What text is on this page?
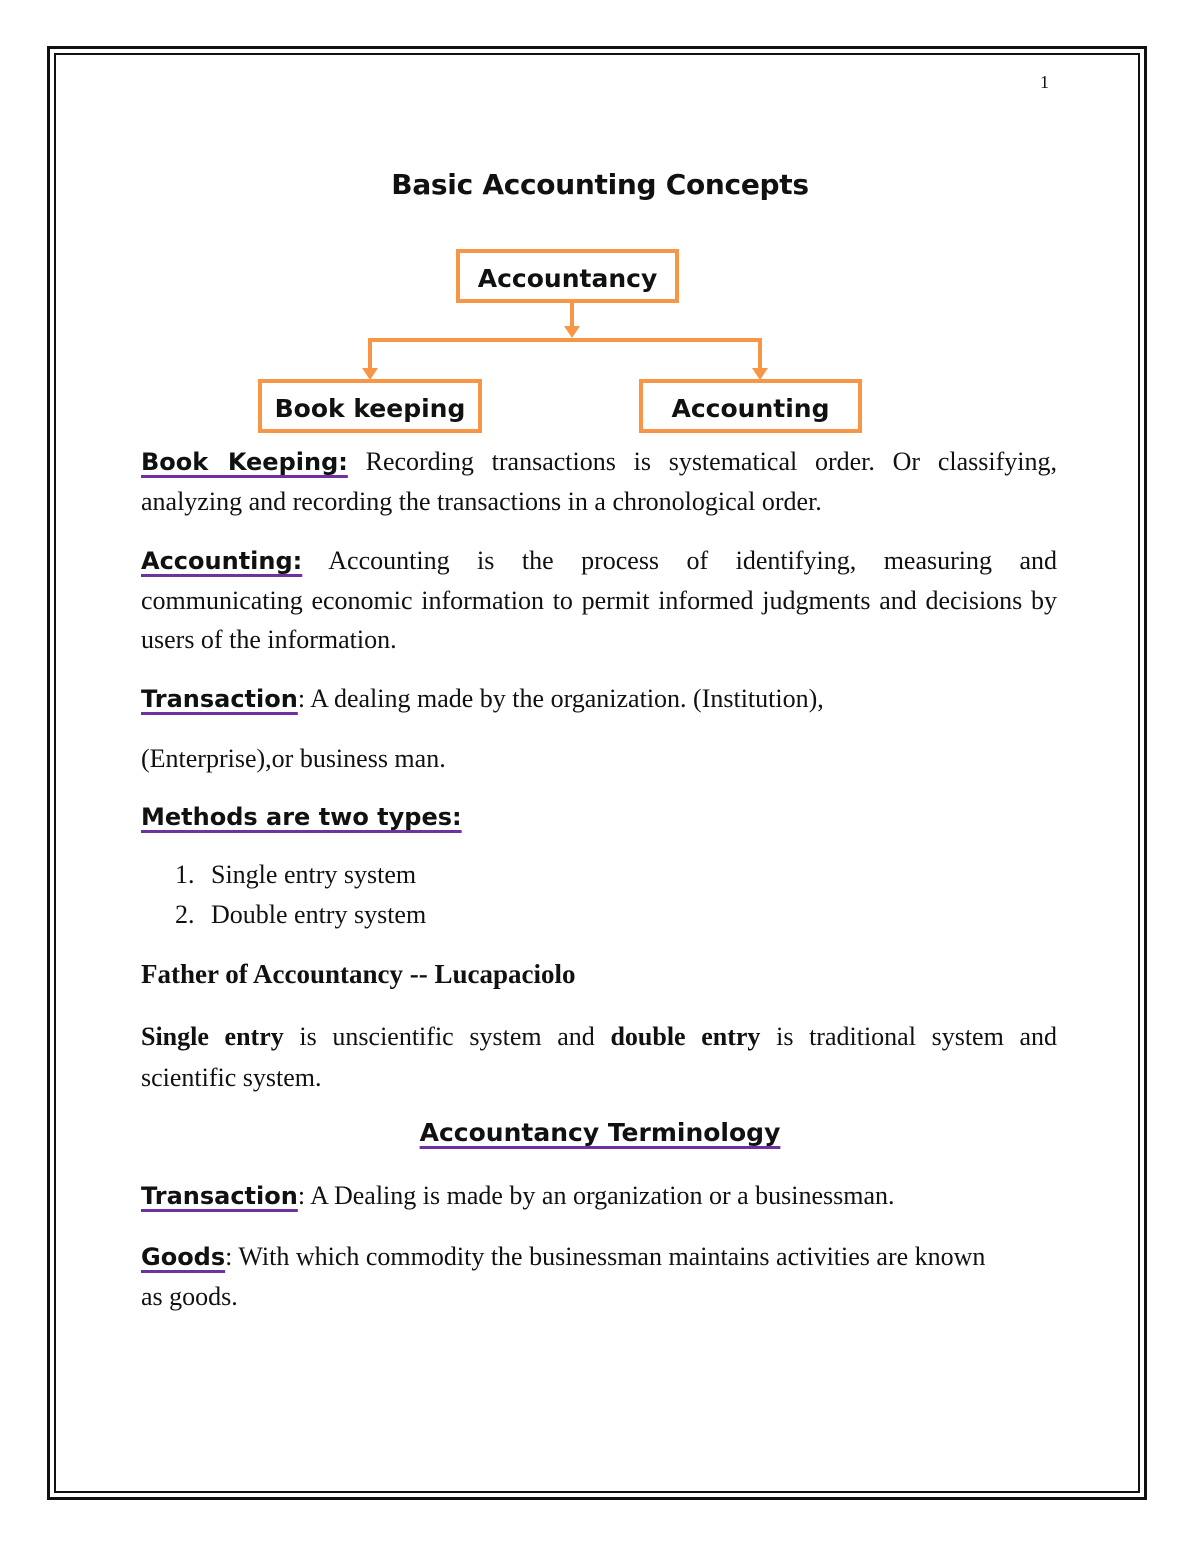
1
Basic Accounting Concepts
Accountancy
Book keeping	Accounting
Book Keeping: Recording transactions is systematical order. Or classifying, analyzing and recording the transactions in a chronological order.
Accounting: Accounting is the process of identifying, measuring and communicating economic information to permit informed judgments and decisions by users of the information.
Transaction: A dealing made by the organization. (Institution),
(Enterprise),or business man.
Methods are two types:
1. Single entry system
2. Double entry system
Father of Accountancy -- Lucapaciolo
Single entry is unscientific system and double entry is traditional system and scientific system.
Accountancy Terminology
Transaction: A Dealing is made by an organization or a businessman.
Goods: With which commodity the businessman maintains activities are known as goods.
